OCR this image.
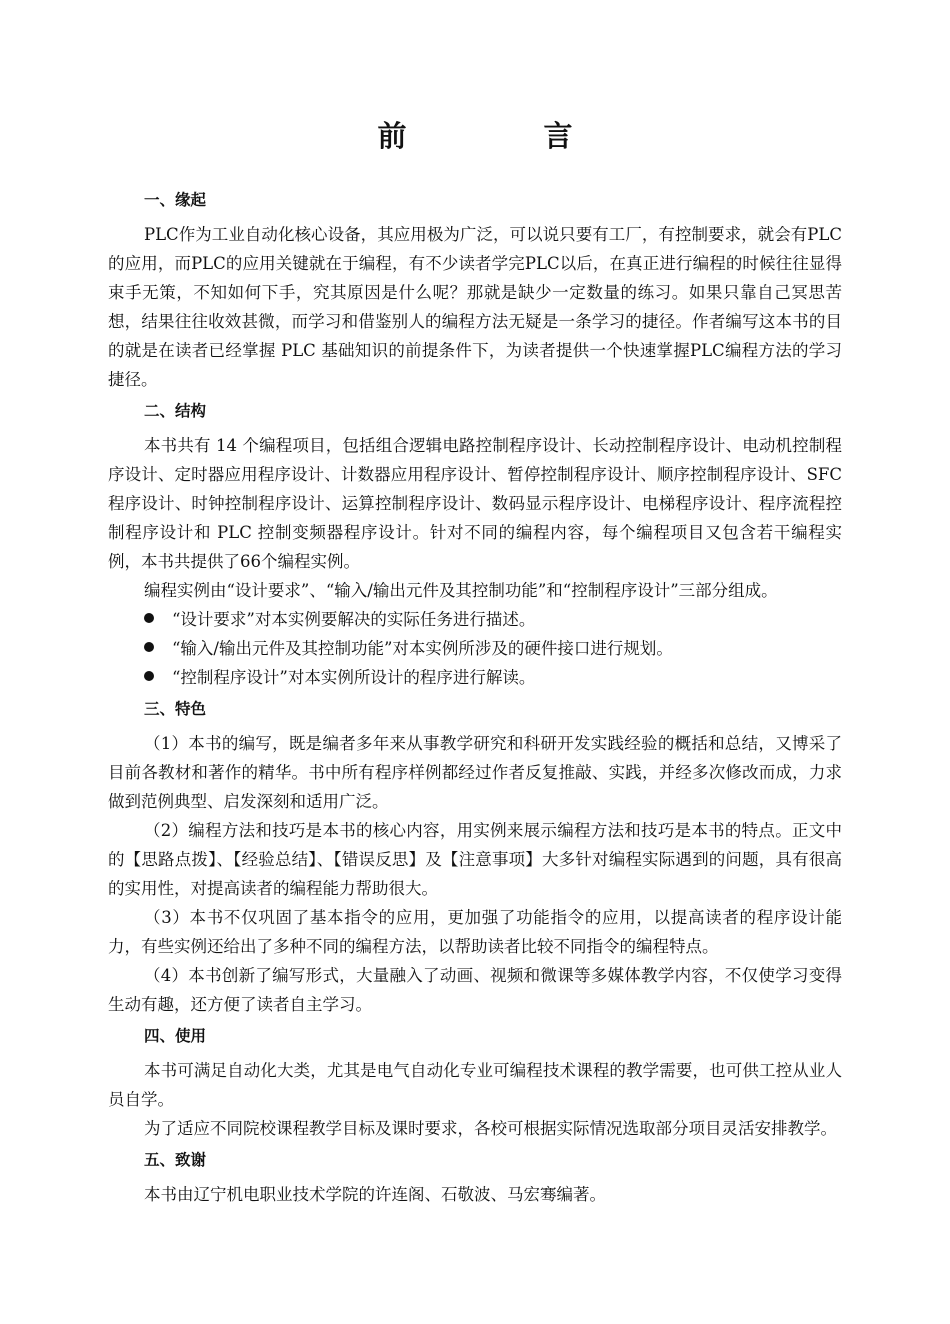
前　言

一、缘起

PLC作为工业自动化核心设备，其应用极为广泛，可以说只要有工厂，有控制要求，就会有PLC的应用，而PLC的应用关键就在于编程，有不少读者学完PLC以后，在真正进行编程的时候往往显得束手无策，不知如何下手，究其原因是什么呢？那就是缺少一定数量的练习。如果只靠自己冥思苦想，结果往往收效甚微，而学习和借鉴别人的编程方法无疑是一条学习的捷径。作者编写这本书的目的就是在读者已经掌握 PLC 基础知识的前提条件下，为读者提供一个快速掌握PLC编程方法的学习捷径。

二、结构

本书共有 14 个编程项目，包括组合逻辑电路控制程序设计、长动控制程序设计、电动机控制程序设计、定时器应用程序设计、计数器应用程序设计、暂停控制程序设计、顺序控制程序设计、SFC程序设计、时钟控制程序设计、运算控制程序设计、数码显示程序设计、电梯程序设计、程序流程控制程序设计和 PLC 控制变频器程序设计。针对不同的编程内容，每个编程项目又包含若干编程实例，本书共提供了66个编程实例。

编程实例由“设计要求”、“输入/输出元件及其控制功能”和“控制程序设计”三部分组成。

“设计要求”对本实例要解决的实际任务进行描述。

“输入/输出元件及其控制功能”对本实例所涉及的硬件接口进行规划。

“控制程序设计”对本实例所设计的程序进行解读。

三、特色

（1）本书的编写，既是编者多年来从事教学研究和科研开发实践经验的概括和总结，又博采了目前各教材和著作的精华。书中所有程序样例都经过作者反复推敲、实践，并经多次修改而成，力求做到范例典型、启发深刻和适用广泛。

（2）编程方法和技巧是本书的核心内容，用实例来展示编程方法和技巧是本书的特点。正文中的【思路点拨】、【经验总结】、【错误反思】及【注意事项】大多针对编程实际遇到的问题，具有很高的实用性，对提高读者的编程能力帮助很大。

（3）本书不仅巩固了基本指令的应用，更加强了功能指令的应用，以提高读者的程序设计能力，有些实例还给出了多种不同的编程方法，以帮助读者比较不同指令的编程特点。

（4）本书创新了编写形式，大量融入了动画、视频和微课等多媒体教学内容，不仅使学习变得生动有趣，还方便了读者自主学习。

四、使用

本书可满足自动化大类，尤其是电气自动化专业可编程技术课程的教学需要，也可供工控从业人员自学。

为了适应不同院校课程教学目标及课时要求，各校可根据实际情况选取部分项目灵活安排教学。

五、致谢

本书由辽宁机电职业技术学院的许连阁、石敬波、马宏骞编著。
